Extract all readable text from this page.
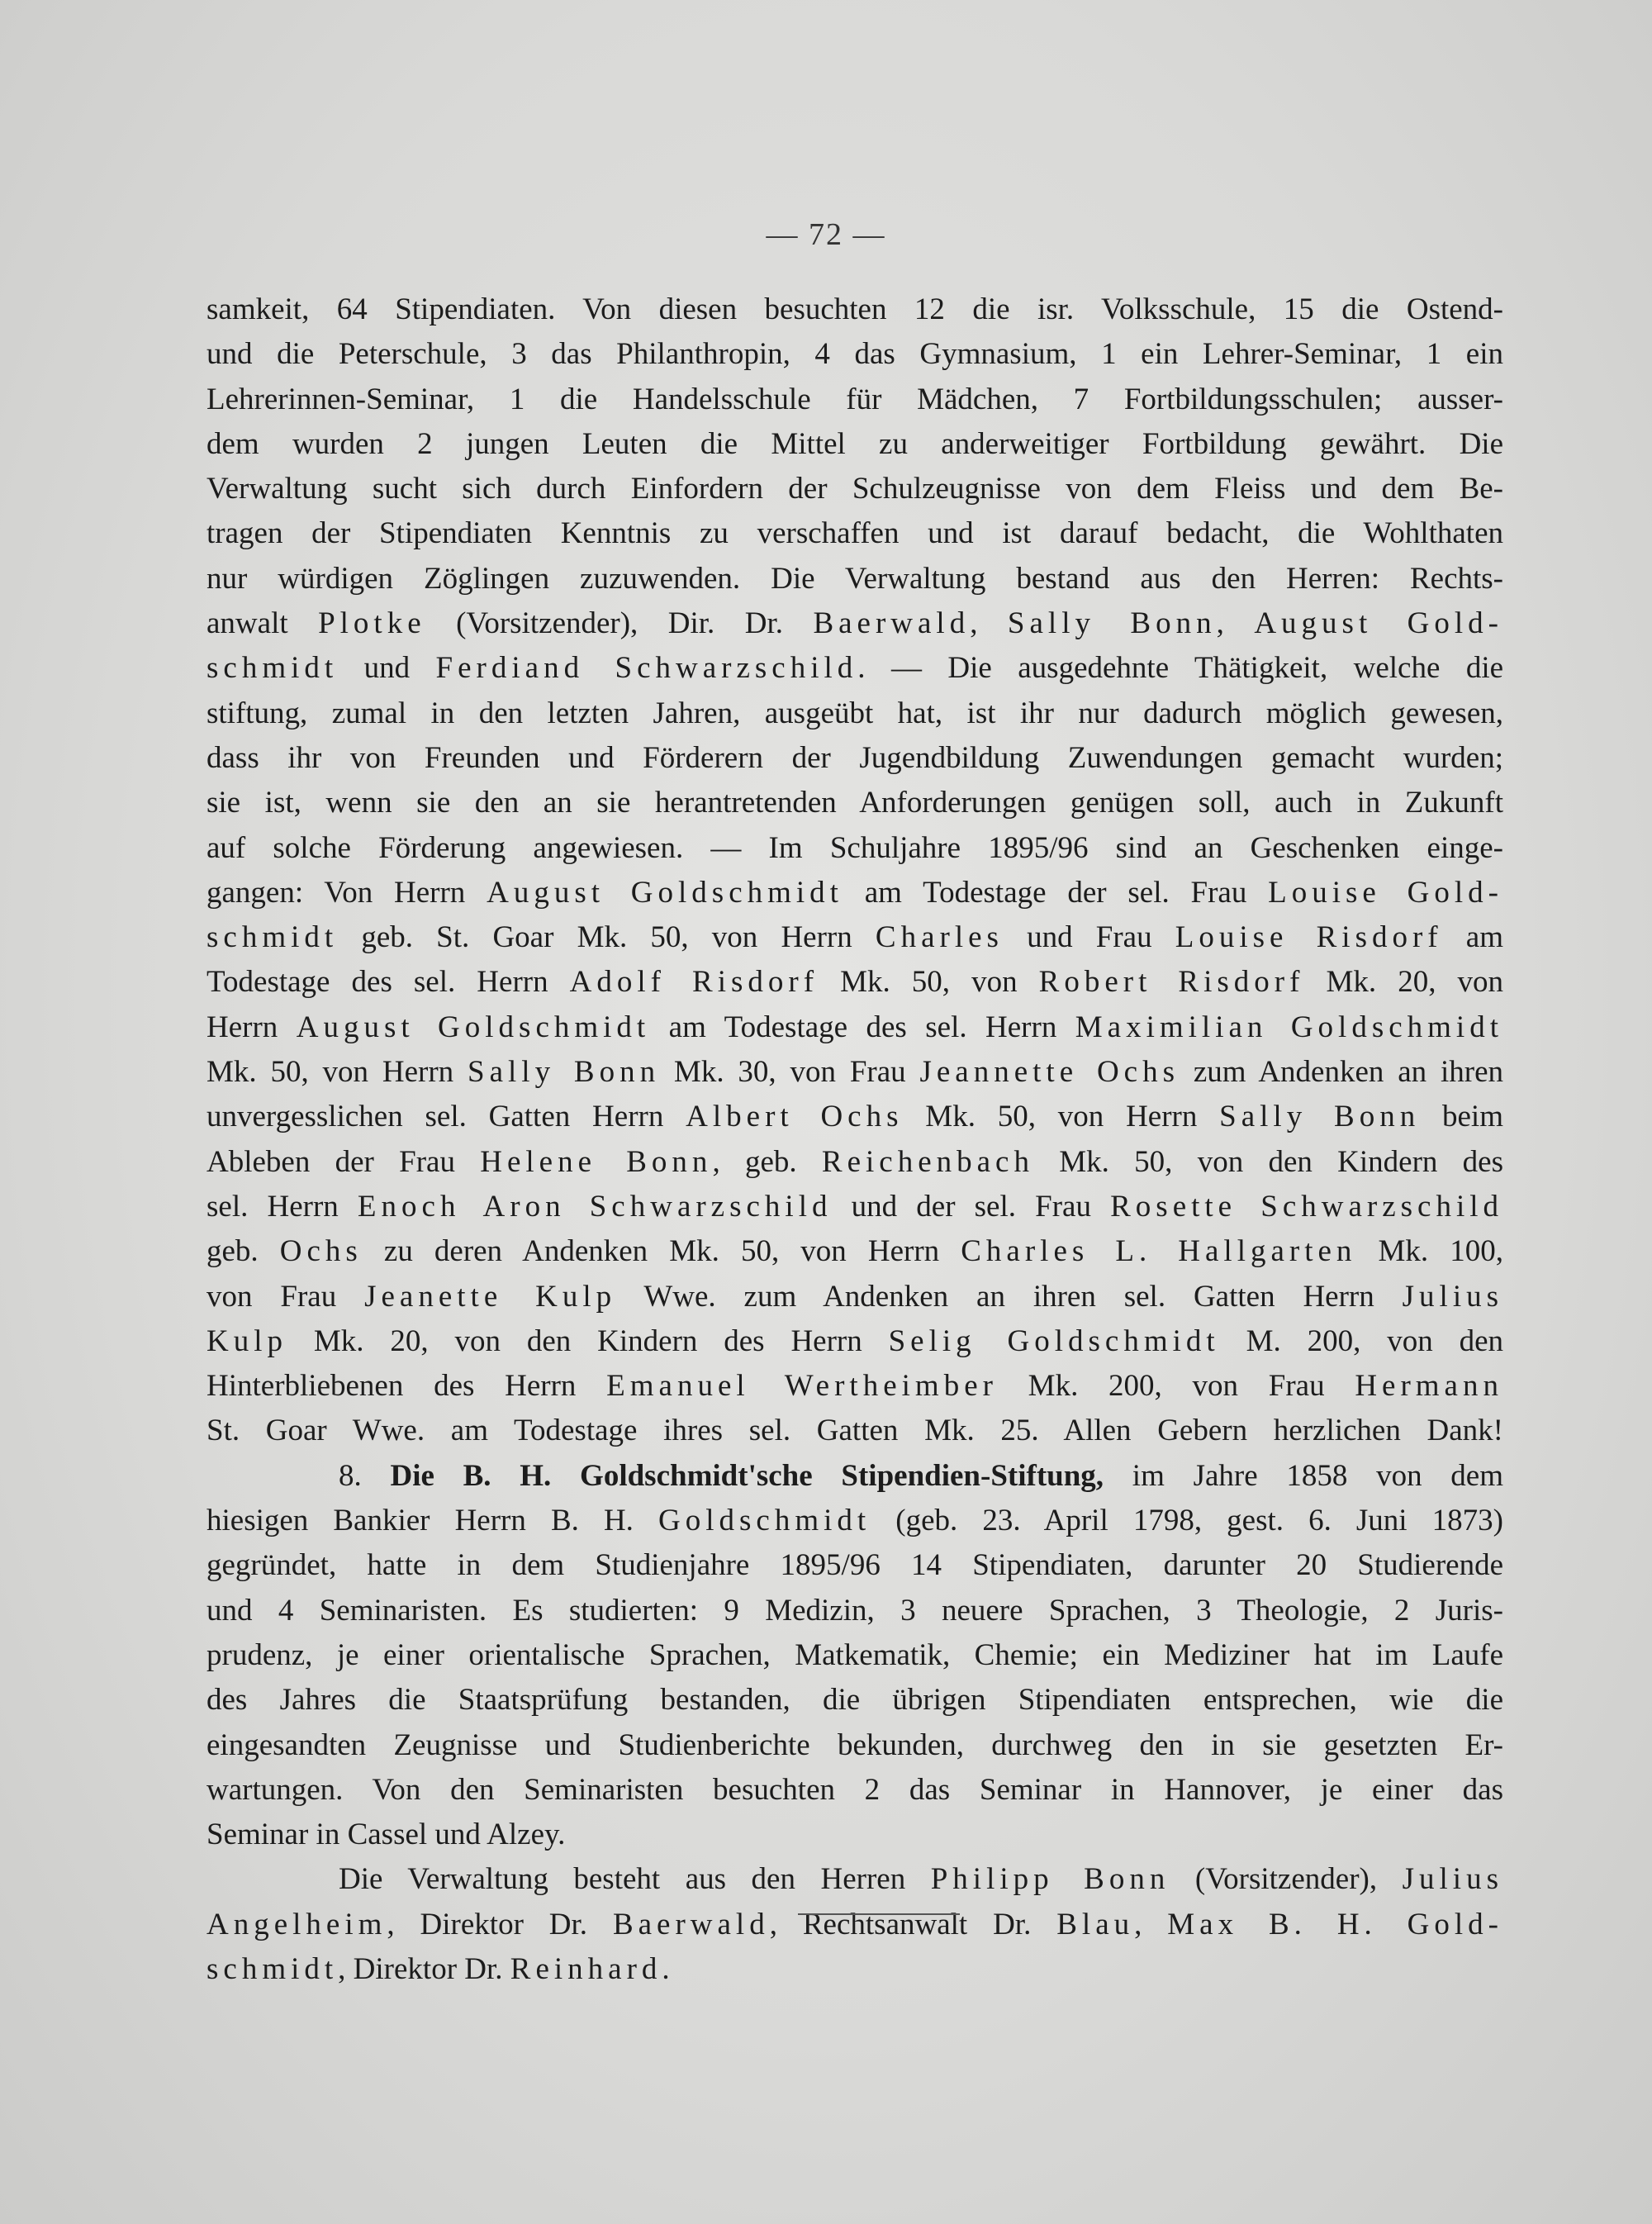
— 72 —
samkeit, 64 Stipendiaten. Von diesen besuchten 12 die isr. Volksschule, 15 die Ostend-
und die Peterschule, 3 das Philanthropin, 4 das Gymnasium, 1 ein Lehrer-Seminar, 1 ein
Lehrerinnen-Seminar, 1 die Handelsschule für Mädchen, 7 Fortbildungsschulen; ausser-
dem wurden 2 jungen Leuten die Mittel zu anderweitiger Fortbildung gewährt. Die
Verwaltung sucht sich durch Einfordern der Schulzeugnisse von dem Fleiss und dem Be-
tragen der Stipendiaten Kenntnis zu verschaffen und ist darauf bedacht, die Wohlthaten
nur würdigen Zöglingen zuzuwenden. Die Verwaltung bestand aus den Herren: Rechts-
anwalt Plotke (Vorsitzender), Dir. Dr. Baerwald, Sally Bonn, August Gold-
schmidt und Ferdiand Schwarzschild. — Die ausgedehnte Thätigkeit, welche die
stiftung, zumal in den letzten Jahren, ausgeübt hat, ist ihr nur dadurch möglich gewesen,
dass ihr von Freunden und Förderern der Jugendbildung Zuwendungen gemacht wurden;
sie ist, wenn sie den an sie herantretenden Anforderungen genügen soll, auch in Zukunft
auf solche Förderung angewiesen. — Im Schuljahre 1895/96 sind an Geschenken einge-
gangen: Von Herrn August Goldschmidt am Todestage der sel. Frau Louise Gold-
schmidt geb. St. Goar Mk. 50, von Herrn Charles und Frau Louise Risdorf am
Todestage des sel. Herrn Adolf Risdorf Mk. 50, von Robert Risdorf Mk. 20, von
Herrn August Goldschmidt am Todestage des sel. Herrn Maximilian Goldschmidt
Mk. 50, von Herrn Sally Bonn Mk. 30, von Frau Jeannette Ochs zum Andenken an ihren
unvergesslichen sel. Gatten Herrn Albert Ochs Mk. 50, von Herrn Sally Bonn beim
Ableben der Frau Helene Bonn, geb. Reichenbach Mk. 50, von den Kindern des
sel. Herrn Enoch Aron Schwarzschild und der sel. Frau Rosette Schwarzschild
geb. Ochs zu deren Andenken Mk. 50, von Herrn Charles L. Hallgarten Mk. 100,
von Frau Jeanette Kulp Wwe. zum Andenken an ihren sel. Gatten Herrn Julius
Kulp Mk. 20, von den Kindern des Herrn Selig Goldschmidt M. 200, von den
Hinterbliebenen des Herrn Emanuel Wertheimber Mk. 200, von Frau Hermann
St. Goar Wwe. am Todestage ihres sel. Gatten Mk. 25. Allen Gebern herzlichen Dank!
8. Die B. H. Goldschmidt'sche Stipendien-Stiftung, im Jahre 1858 von dem
hiesigen Bankier Herrn B. H. Goldschmidt (geb. 23. April 1798, gest. 6. Juni 1873)
gegründet, hatte in dem Studienjahre 1895/96 14 Stipendiaten, darunter 20 Studierende
und 4 Seminaristen. Es studierten: 9 Medizin, 3 neuere Sprachen, 3 Theologie, 2 Juris-
prudenz, je einer orientalische Sprachen, Matkematik, Chemie; ein Mediziner hat im Laufe
des Jahres die Staatsprüfung bestanden, die übrigen Stipendiaten entsprechen, wie die
eingesandten Zeugnisse und Studienberichte bekunden, durchweg den in sie gesetzten Er-
wartungen. Von den Seminaristen besuchten 2 das Seminar in Hannover, je einer das
Seminar in Cassel und Alzey.
Die Verwaltung besteht aus den Herren Philipp Bonn (Vorsitzender), Julius
Angelheim, Direktor Dr. Baerwald, Rechtsanwalt Dr. Blau, Max B. H. Gold-
schmidt, Direktor Dr. Reinhard.
